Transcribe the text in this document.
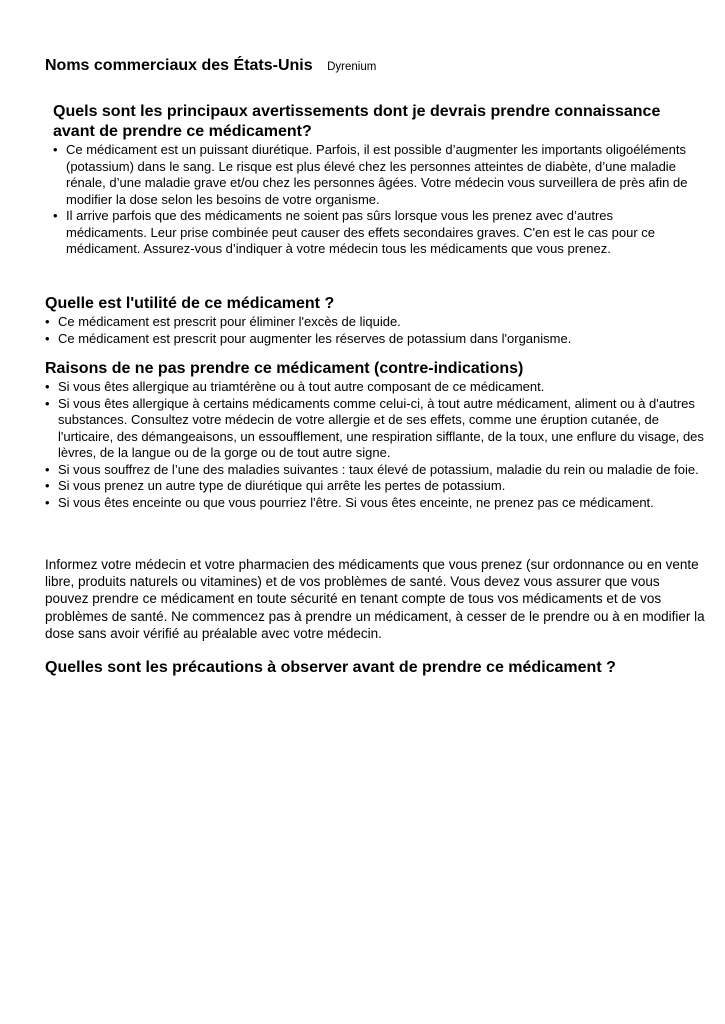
Noms commerciaux des États-Unis Dyrenium
Quels sont les principaux avertissements dont je devrais prendre connaissance avant de prendre ce médicament?
• Ce médicament est un puissant diurétique. Parfois, il est possible d’augmenter les importants oligoéléments (potassium) dans le sang. Le risque est plus élevé chez les personnes atteintes de diabète, d’une maladie rénale, d’une maladie grave et/ou chez les personnes âgées. Votre médecin vous surveillera de près afin de modifier la dose selon les besoins de votre organisme.
• Il arrive parfois que des médicaments ne soient pas sûrs lorsque vous les prenez avec d’autres médicaments. Leur prise combinée peut causer des effets secondaires graves. C'en est le cas pour ce médicament. Assurez-vous d’indiquer à votre médecin tous les médicaments que vous prenez.
Quelle est l'utilité de ce médicament ?
• Ce médicament est prescrit pour éliminer l'excès de liquide.
• Ce médicament est prescrit pour augmenter les réserves de potassium dans l'organisme.
Raisons de ne pas prendre ce médicament (contre-indications)
• Si vous êtes allergique au triamtérène ou à tout autre composant de ce médicament.
• Si vous êtes allergique à certains médicaments comme celui-ci, à tout autre médicament, aliment ou à d'autres substances. Consultez votre médecin de votre allergie et de ses effets, comme une éruption cutanée, de l'urticaire, des démangeaisons, un essoufflement, une respiration sifflante, de la toux, une enflure du visage, des lèvres, de la langue ou de la gorge ou de tout autre signe.
• Si vous souffrez de l’une des maladies suivantes : taux élevé de potassium, maladie du rein ou maladie de foie.
• Si vous prenez un autre type de diurétique qui arrête les pertes de potassium.
• Si vous êtes enceinte ou que vous pourriez l'être. Si vous êtes enceinte, ne prenez pas ce médicament.

Informez votre médecin et votre pharmacien des médicaments que vous prenez (sur ordonnance ou en vente libre, produits naturels ou vitamines) et de vos problèmes de santé. Vous devez vous assurer que vous pouvez prendre ce médicament en toute sécurité en tenant compte de tous vos médicaments et de vos problèmes de santé. Ne commencez pas à prendre un médicament, à cesser de le prendre ou à en modifier la dose sans avoir vérifié au préalable avec votre médecin.

Quelles sont les précautions à observer avant de prendre ce médicament ?
